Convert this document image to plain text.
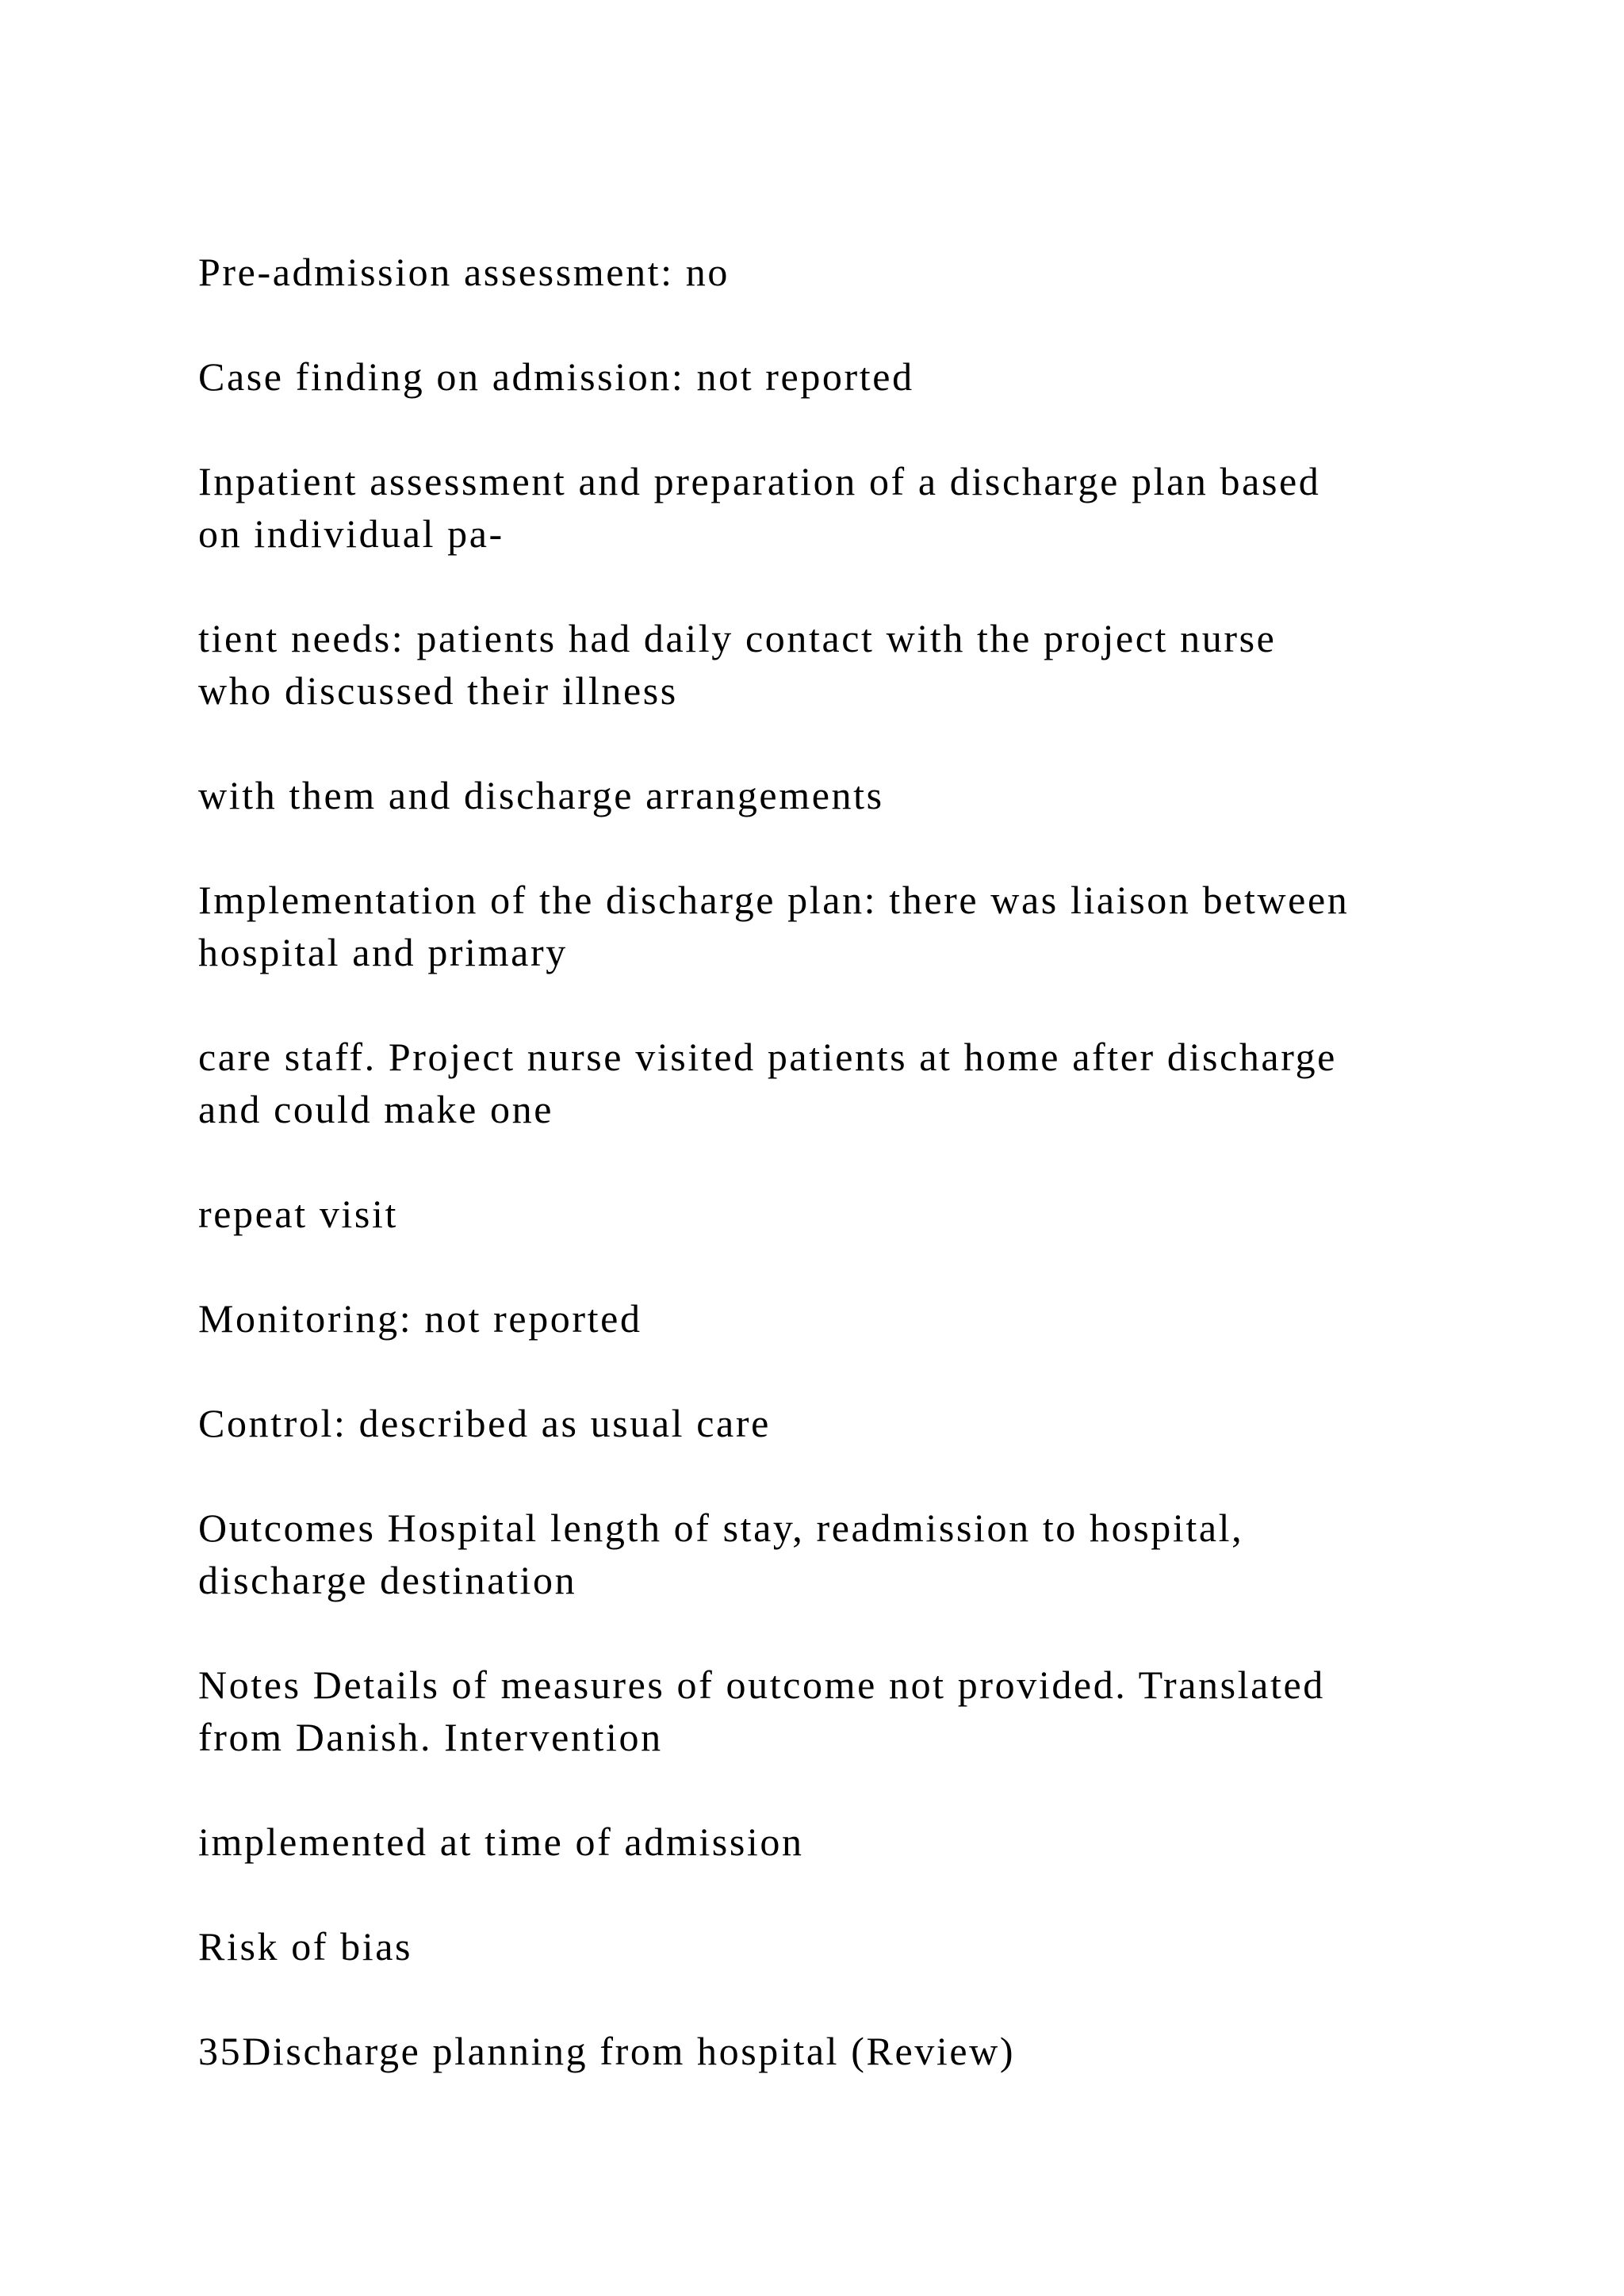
Pre-admission assessment: no

Case finding on admission: not reported

Inpatient assessment and preparation of a discharge plan based
on individual pa-

tient needs: patients had daily contact with the project nurse
who discussed their illness

with them and discharge arrangements

Implementation of the discharge plan: there was liaison between
hospital and primary

care staff. Project nurse visited patients at home after discharge
and could make one

repeat visit

Monitoring: not reported

Control: described as usual care

Outcomes Hospital length of stay, readmission to hospital,
discharge destination

Notes Details of measures of outcome not provided. Translated
from Danish. Intervention

implemented at time of admission

Risk of bias

35Discharge planning from hospital (Review)
